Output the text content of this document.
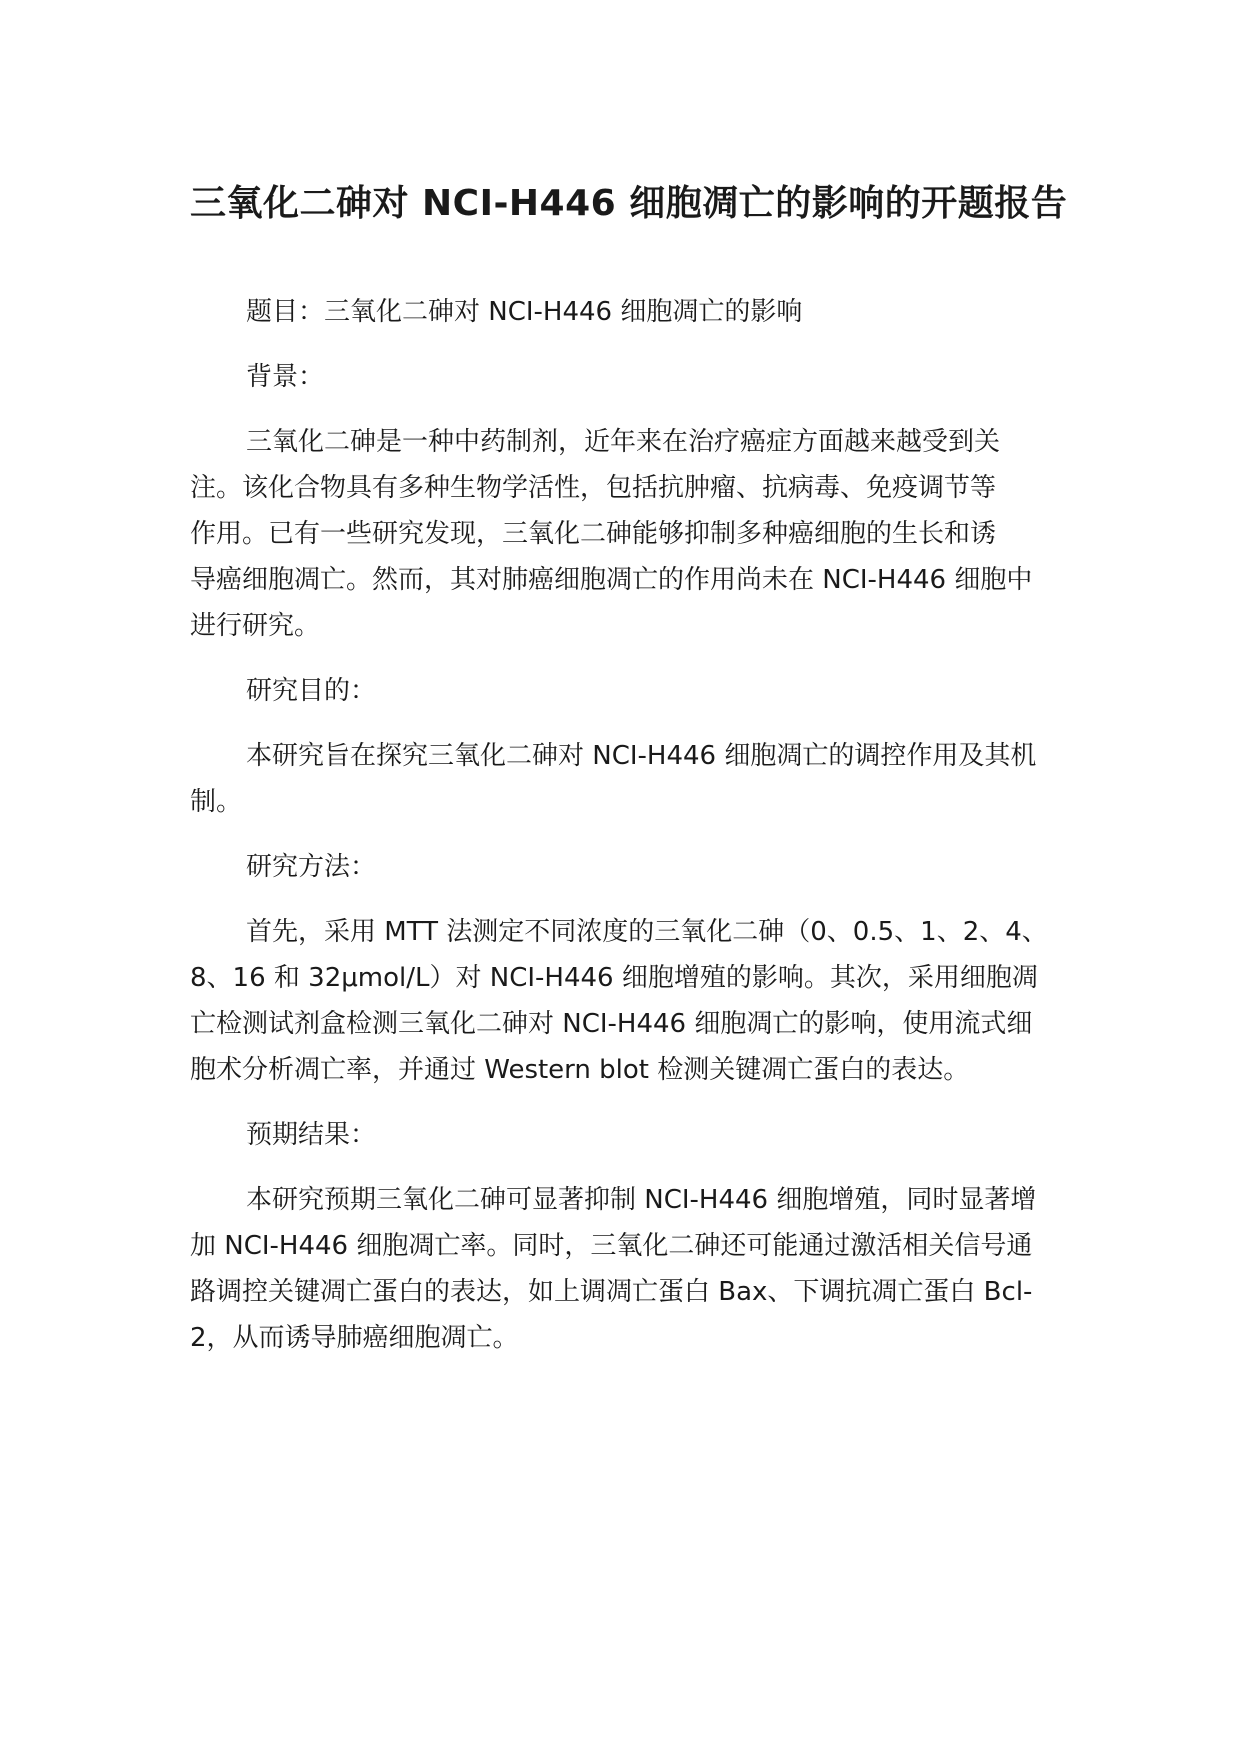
三氧化二砷对 NCI-H446 细胞凋亡的影响的开题报告

题目：三氧化二砷对 NCI-H446 细胞凋亡的影响

背景：

三氧化二砷是一种中药制剂，近年来在治疗癌症方面越来越受到关

注。该化合物具有多种生物学活性，包括抗肿瘤、抗病毒、免疫调节等

作用。已有一些研究发现，三氧化二砷能够抑制多种癌细胞的生长和诱

导癌细胞凋亡。然而，其对肺癌细胞凋亡的作用尚未在 NCI-H446 细胞中

进行研究。

研究目的：

本研究旨在探究三氧化二砷对 NCI-H446 细胞凋亡的调控作用及其机

制。

研究方法：

首先，采用 MTT 法测定不同浓度的三氧化二砷（0、0.5、1、2、4、

8、16 和 32μmol/L）对 NCI-H446 细胞增殖的影响。其次，采用细胞凋

亡检测试剂盒检测三氧化二砷对 NCI-H446 细胞凋亡的影响，使用流式细

胞术分析凋亡率，并通过 Western blot 检测关键凋亡蛋白的表达。

预期结果：

本研究预期三氧化二砷可显著抑制 NCI-H446 细胞增殖，同时显著增

加 NCI-H446 细胞凋亡率。同时，三氧化二砷还可能通过激活相关信号通

路调控关键凋亡蛋白的表达，如上调凋亡蛋白 Bax、下调抗凋亡蛋白 Bcl-

2，从而诱导肺癌细胞凋亡。
